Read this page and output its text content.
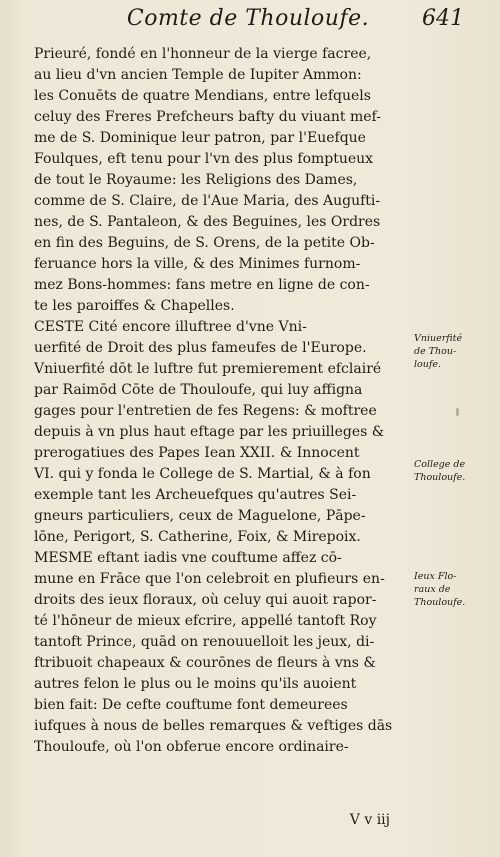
Comte de Thouloufe.	641
Prieuré, fondé en l'honneur de la vierge facree,
au lieu d'vn ancien Temple de Iupiter Ammon:
les Conuēts de quatre Mendians, entre lefquels
celuy des Freres Prefcheurs bafty du viuant mef-
me de S. Dominique leur patron, par l'Euefque
Foulques, eft tenu pour l'vn des plus fomptueux
de tout le Royaume: les Religions des Dames,
comme de S. Claire, de l'Aue Maria, des Augufti-
nes, de S. Pantaleon, & des Beguines, les Ordres
en fin des Beguins, de S. Orens, de la petite Ob-
feruance hors la ville, & des Minimes furnom-
mez Bons-hommes: fans metre en ligne de con-
te les paroiffes & Chapelles.
CESTE Cité encore illuftree d'vne Vni-
uerfité de Droit des plus fameufes de l'Europe.
Vniuerfité dōt le luftre fut premierement efclairé
par Raimōd Cōte de Thouloufe, qui luy affigna
gages pour l'entretien de fes Regens: & moftree
depuis à vn plus haut eftage par les priuilleges &
prerogatiues des Papes Iean XXII. & Innocent
VI. qui y fonda le College de S. Martial, & à fon
exemple tant les Archeuefques qu'autres Sei-
gneurs particuliers, ceux de Maguelone, Pāpe-
lōne, Perigort, S. Catherine, Foix, & Mirepoix.
MESME eftant iadis vne couftume affez cō-
mune en Frāce que l'on celebroit en plufieurs en-
droits des ieux floraux, où celuy qui auoit rapor-
té l'hōneur de mieux efcrire, appellé tantoft Roy
tantoft Prince, quād on renouuelloit les jeux, di-
ftribuoit chapeaux & courōnes de fleurs à vns &
autres felon le plus ou le moins qu'ils auoient
bien fait: De cefte couftume font demeurees
iufques à nous de belles remarques & veftiges dās
Thouloufe, où l'on obferue encore ordinaire-
Vniuerfité
de Thou-
loufe.
College de
Thouloufe.
Ieux Flo-
raux de
Thouloufe.
V v iij
